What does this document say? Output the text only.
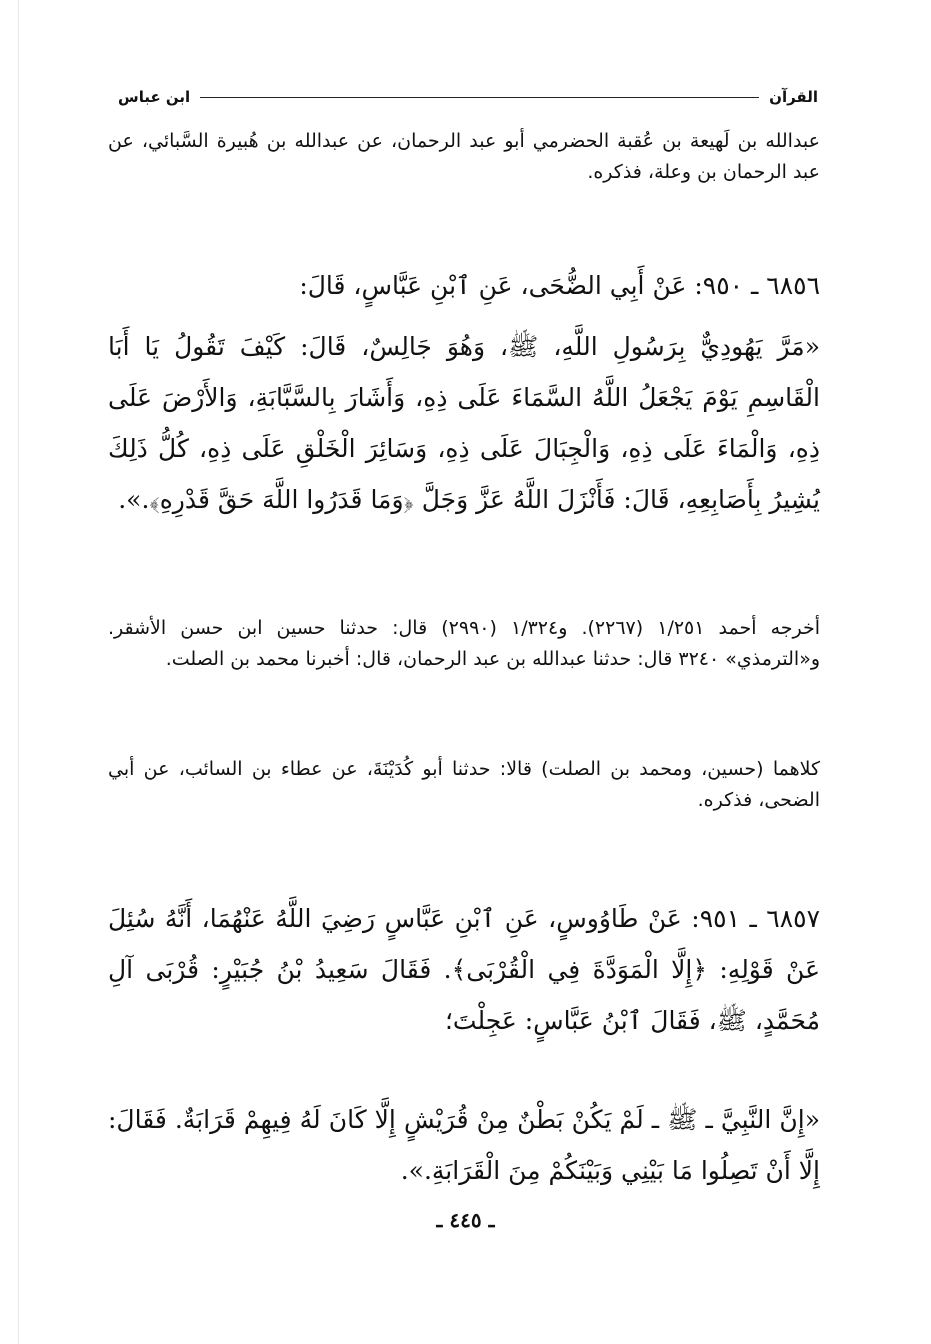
القرآن
ابن عباس
عبدالله بن لَهيعة بن عُقبة الحضرمي أبو عبد الرحمان، عن عبدالله بن هُبيرة السَّبائي، عن عبد الرحمان بن وعلة، فذكره.
٦٨٥٦ ـ ٩٥٠: عَنْ أَبِي الضُّحَى، عَنِ ٱبْنِ عَبَّاسٍ، قَالَ:
«مَرَّ يَهُودِيٌّ بِرَسُولِ اللَّهِ، ﷺ، وَهُوَ جَالِسٌ، قَالَ: كَيْفَ تَقُولُ يَا أَبَا الْقَاسِمِ يَوْمَ يَجْعَلُ اللَّهُ السَّمَاءَ عَلَى ذِهِ، وَأَشَارَ بِالسَّبَّابَةِ، وَالأَرْضَ عَلَى ذِهِ، وَالْمَاءَ عَلَى ذِهِ، وَالْجِبَالَ عَلَى ذِهِ، وَسَائِرَ الْخَلْقِ عَلَى ذِهِ، كُلُّ ذَلِكَ يُشِيرُ بِأَصَابِعِهِ، قَالَ: فَأَنْزَلَ اللَّهُ عَزَّ وَجَلَّ ﴿وَمَا قَدَرُوا اللَّهَ حَقَّ قَدْرِهِ﴾.».
أخرجه أحمد ١/٢٥١ (٢٢٦٧). و١/٣٢٤ (٢٩٩٠) قال: حدثنا حسين ابن حسن الأشقر. و«الترمذي» ٣٢٤٠ قال: حدثنا عبدالله بن عبد الرحمان، قال: أخبرنا محمد بن الصلت.
كلاهما (حسين، ومحمد بن الصلت) قالا: حدثنا أبو كُدَيْنَةَ، عن عطاء بن السائب، عن أبي الضحى، فذكره.
٦٨٥٧ ـ ٩٥١: عَنْ طَاوُوسٍ، عَنِ ٱبْنِ عَبَّاسٍ رَضِيَ اللَّهُ عَنْهُمَا، أَنَّهُ سُئِلَ عَنْ قَوْلِهِ: ﴿إِلَّا الْمَوَدَّةَ فِي الْقُرْبَى﴾. فَقَالَ سَعِيدُ بْنُ جُبَيْرٍ: قُرْبَى آلِ مُحَمَّدٍ، ﷺ، فَقَالَ ٱبْنُ عَبَّاسٍ: عَجِلْتَ؛
«إِنَّ النَّبِيَّ ـ ﷺ ـ لَمْ يَكُنْ بَطْنٌ مِنْ قُرَيْشٍ إِلَّا كَانَ لَهُ فِيهِمْ قَرَابَةٌ. فَقَالَ: إِلَّا أَنْ تَصِلُوا مَا بَيْنِي وَبَيْنَكُمْ مِنَ الْقَرَابَةِ.».
ـ ٤٤٥ ـ
